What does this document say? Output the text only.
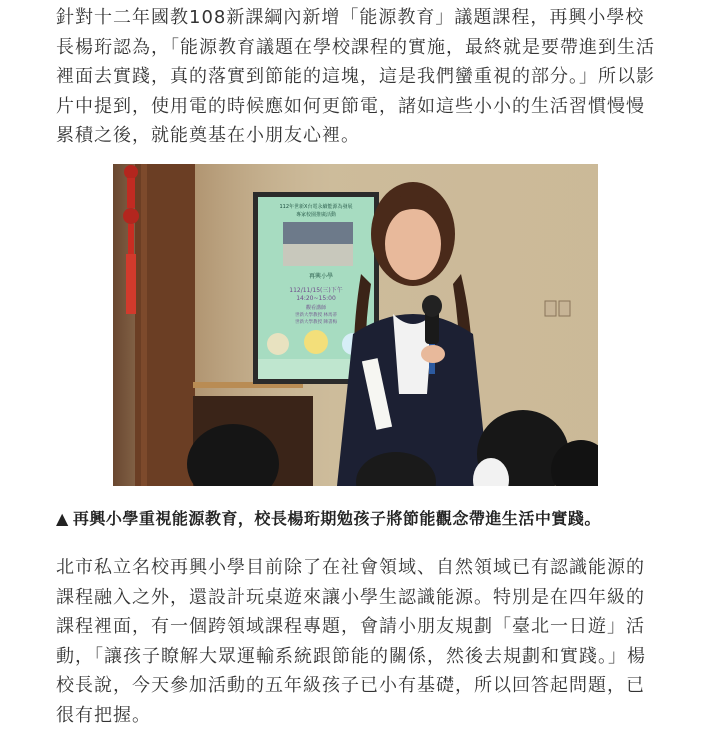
針對十二年國教108新課綱內新增「能源教育」議題課程，再興小學校長楊珩認為，「能源教育議題在學校課程的實施，最終就是要帶進到生活裡面去實踐，真的落實到節能的這塊，這是我們蠻重視的部分。」所以影片中提到，使用電的時候應如何更節電，諸如這些小小的生活習慣慢慢累積之後，就能奠基在小朋友心裡。

112年世新X台電永續能源為發展
專家校園推廣活動
再興小學
112/11/15(三)下午
14:20~15:00
觀看講師
世新大學教授 林馬蒂
世新大學教授 陳書梅

▲ 再興小學重視能源教育，校長楊珩期勉孩子將節能觀念帶進生活中實踐。

北市私立名校再興小學目前除了在社會領域、自然領域已有認識能源的課程融入之外，還設計玩桌遊來讓小學生認識能源。特別是在四年級的課程裡面，有一個跨領域課程專題，會請小朋友規劃「臺北一日遊」活動，「讓孩子瞭解大眾運輸系統跟節能的關係，然後去規劃和實踐。」楊校長說，今天參加活動的五年級孩子已小有基礎，所以回答起問題，已很有把握。
